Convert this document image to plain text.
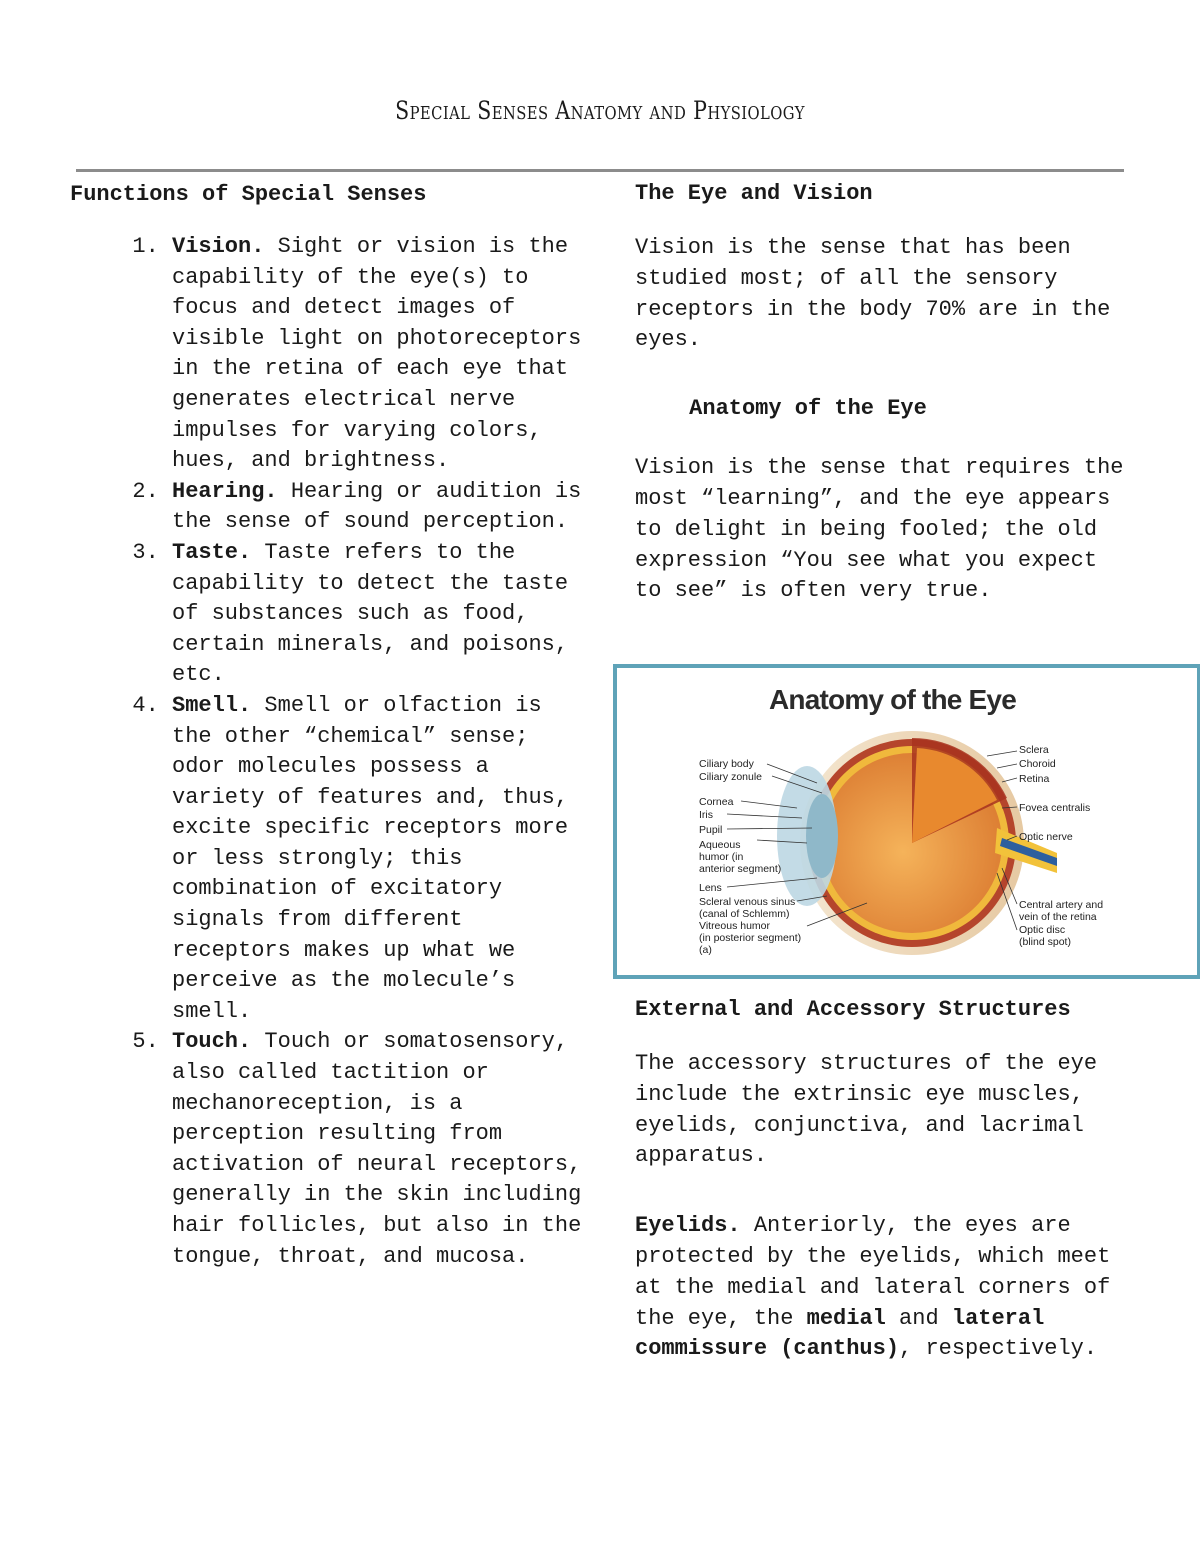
Special Senses Anatomy and Physiology
Functions of Special Senses
1. Vision. Sight or vision is the capability of the eye(s) to focus and detect images of visible light on photoreceptors in the retina of each eye that generates electrical nerve impulses for varying colors, hues, and brightness.
2. Hearing. Hearing or audition is the sense of sound perception.
3. Taste. Taste refers to the capability to detect the taste of substances such as food, certain minerals, and poisons, etc.
4. Smell. Smell or olfaction is the other “chemical” sense; odor molecules possess a variety of features and, thus, excite specific receptors more or less strongly; this combination of excitatory signals from different receptors makes up what we perceive as the molecule’s smell.
5. Touch. Touch or somatosensory, also called tactition or mechanoreception, is a perception resulting from activation of neural receptors, generally in the skin including hair follicles, but also in the tongue, throat, and mucosa.
The Eye and Vision

Vision is the sense that has been studied most; of all the sensory receptors in the body 70% are in the eyes.

Anatomy of the Eye

Vision is the sense that requires the most “learning”, and the eye appears to delight in being fooled; the old expression “You see what you expect to see” is often very true.

External and Accessory Structures

The accessory structures of the eye include the extrinsic eye muscles, eyelids, conjunctiva, and lacrimal apparatus.

Eyelids. Anteriorly, the eyes are protected by the eyelids, which meet at the medial and lateral corners of the eye, the medial and lateral commissure (canthus), respectively.

Anatomy of the Eye
Ciliary body
Ciliary zonule
Cornea
Iris
Pupil
Aqueous
humor (in
anterior segment)
Lens
Scleral venous sinus
(canal of Schlemm)
Vitreous humor
(in posterior segment)
(a)
Sclera
Choroid
Retina
Fovea centralis
Optic nerve
Central artery and
vein of the retina
Optic disc
(blind spot)
